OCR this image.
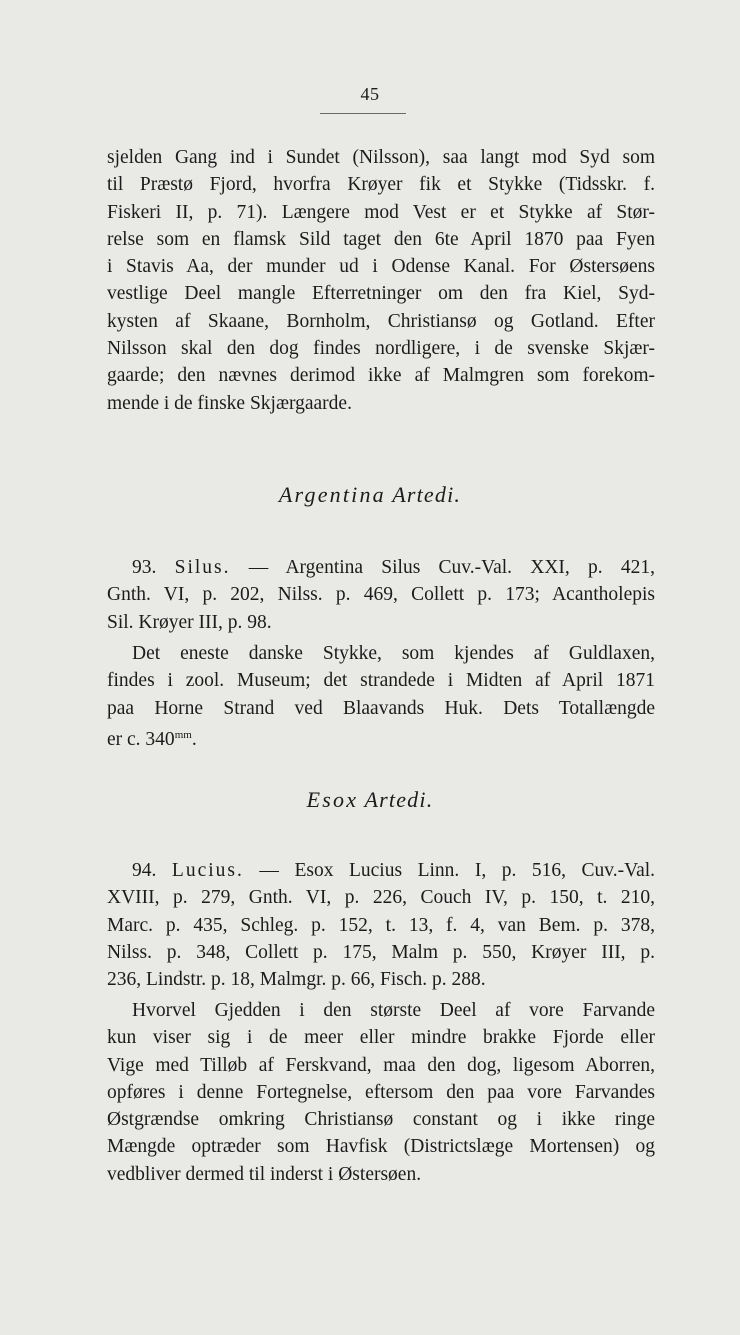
45
sjelden Gang ind i Sundet (Nilsson), saa langt mod Syd som
til Præstø Fjord, hvorfra Krøyer fik et Stykke (Tidsskr. f.
Fiskeri II, p. 71). Længere mod Vest er et Stykke af Stør-
relse som en flamsk Sild taget den 6te April 1870 paa Fyen
i Stavis Aa, der munder ud i Odense Kanal. For Østersøens
vestlige Deel mangle Efterretninger om den fra Kiel, Syd-
kysten af Skaane, Bornholm, Christiansø og Gotland. Efter
Nilsson skal den dog findes nordligere, i de svenske Skjær-
gaarde; den nævnes derimod ikke af Malmgren som forekom-
mende i de finske Skjærgaarde.
Argentina Artedi.
93. Silus. — Argentina Silus Cuv.-Val. XXI, p. 421,
Gnth. VI, p. 202, Nilss. p. 469, Collett p. 173; Acantholepis
Sil. Krøyer III, p. 98.
Det eneste danske Stykke, som kjendes af Guldlaxen,
findes i zool. Museum; det strandede i Midten af April 1871
paa Horne Strand ved Blaavands Huk. Dets Totallængde
er c. $340^{mm}$.
Esox Artedi.
94. Lucius. — Esox Lucius Linn. I, p. 516, Cuv.-Val.
XVIII, p. 279, Gnth. VI, p. 226, Couch IV, p. 150, t. 210,
Marc. p. 435, Schleg. p. 152, t. 13, f. 4, van Bem. p. 378,
Nilss. p. 348, Collett p. 175, Malm p. 550, Krøyer III, p.
236, Lindstr. p. 18, Malmgr. p. 66, Fisch. p. 288.
Hvorvel Gjedden i den største Deel af vore Farvande
kun viser sig i de meer eller mindre brakke Fjorde eller
Vige med Tilløb af Ferskvand, maa den dog, ligesom Aborren,
opføres i denne Fortegnelse, eftersom den paa vore Farvandes
Østgrændse omkring Christiansø constant og i ikke ringe
Mængde optræder som Havfisk (Districtslæge Mortensen) og
vedbliver dermed til inderst i Østersøen.
